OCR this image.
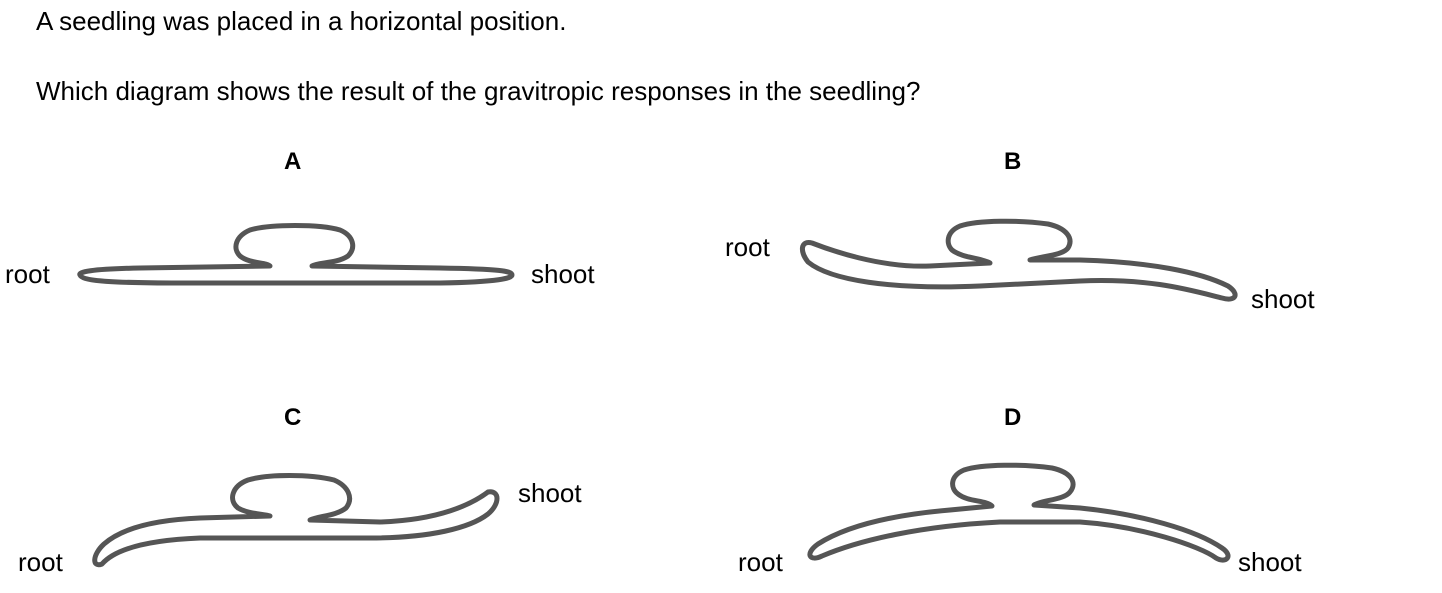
A seedling was placed in a horizontal position.
Which diagram shows the result of the gravitropic responses in the seedling?
A
root	shoot
B
root
shoot
C
root
shoot
D
root	shoot
